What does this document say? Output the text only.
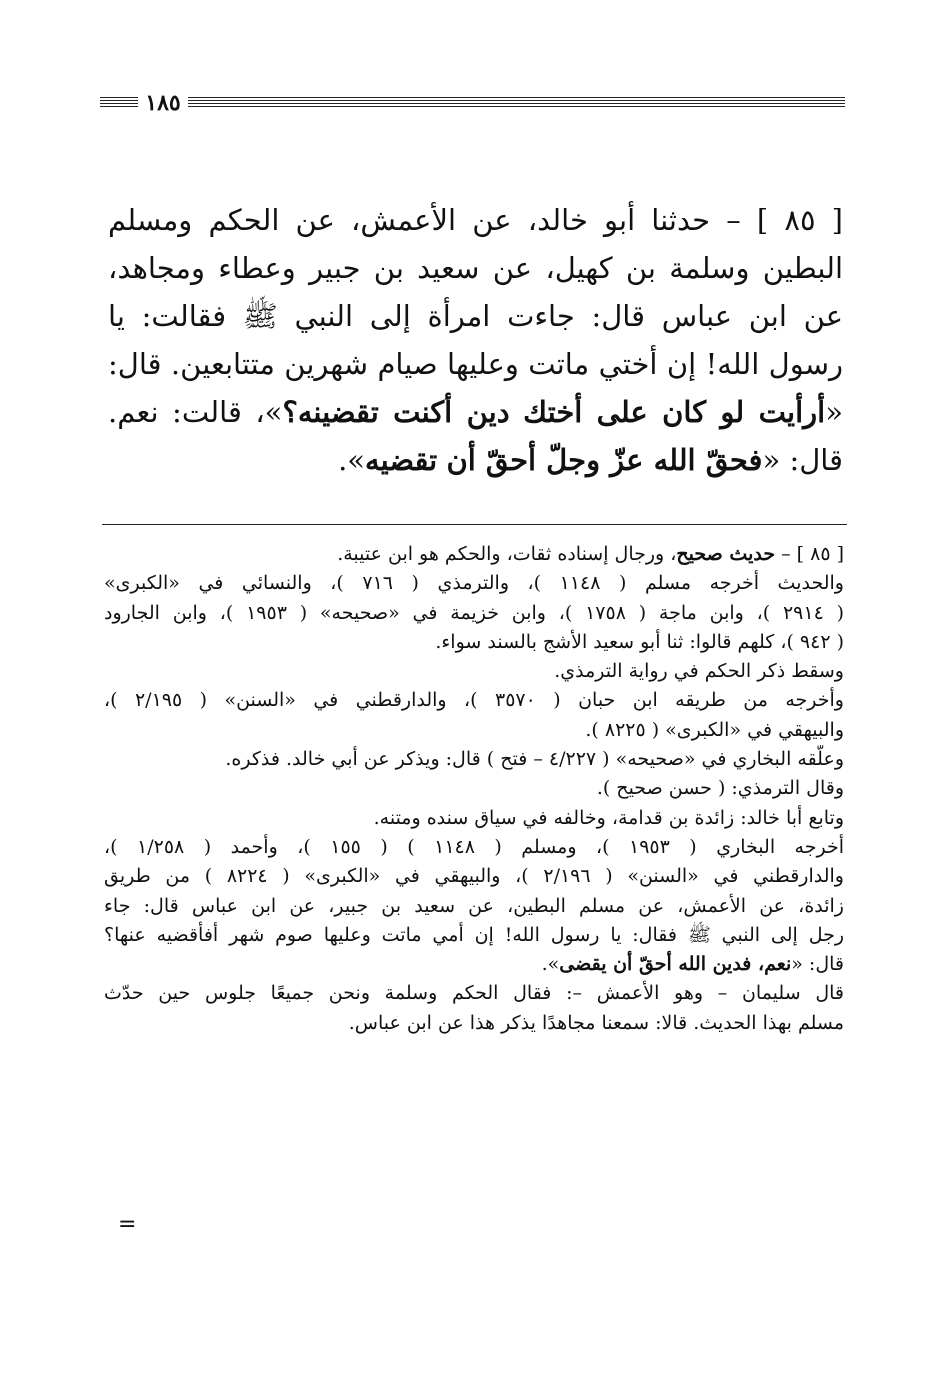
١٨٥

[ ٨٥ ] – حدثنا أبو خالد، عن الأعمش، عن الحكم ومسلم البطين وسلمة بن كهيل، عن سعيد بن جبير وعطاء ومجاهد، عن ابن عباس قال: جاءت امرأة إلى النبي ﷺ فقالت: يا رسول الله! إن أختي ماتت وعليها صيام شهرين متتابعين. قال: «أرأيت لو كان على أختك دين أكنت تقضينه؟»، قالت: نعم. قال: «فحقّ الله عزّ وجلّ أحقّ أن تقضيه».

[ ٨٥ ] – حديث صحيح، ورجال إسناده ثقات، والحكم هو ابن عتيبة.

والحديث أخرجه مسلم ( ١١٤٨ )، والترمذي ( ٧١٦ )، والنسائي في «الكبرى»

( ٢٩١٤ )، وابن ماجة ( ١٧٥٨ )، وابن خزيمة في «صحيحه» ( ١٩٥٣ )، وابن الجارود

( ٩٤٢ )، كلهم قالوا: ثنا أبو سعيد الأشج بالسند سواء.

وسقط ذكر الحكم في رواية الترمذي.

وأخرجه من طريقه ابن حبان ( ٣٥٧٠ )، والدارقطني في «السنن» ( ٢/١٩٥ )،

والبيهقي في «الكبرى» ( ٨٢٢٥ ).

وعلّقه البخاري في «صحيحه» ( ٤/٢٢٧ – فتح ) قال: ويذكر عن أبي خالد. فذكره.

وقال الترمذي: ( حسن صحيح ).

وتابع أبا خالد: زائدة بن قدامة، وخالفه في سياق سنده ومتنه.

أخرجه البخاري ( ١٩٥٣ )، ومسلم ( ١١٤٨ ) ( ١٥٥ )، وأحمد ( ١/٢٥٨ )،

والدارقطني في «السنن» ( ٢/١٩٦ )، والبيهقي في «الكبرى» ( ٨٢٢٤ ) من طريق

زائدة، عن الأعمش، عن مسلم البطين، عن سعيد بن جبير، عن ابن عباس قال: جاء

رجل إلى النبي ﷺ فقال: يا رسول الله! إن أمي ماتت وعليها صوم شهر أفأقضيه عنها؟

قال: «نعم، فدين الله أحقّ أن يقضى».

قال سليمان – وهو الأعمش –: فقال الحكم وسلمة ونحن جميعًا جلوس حين حدّث

مسلم بهذا الحديث. قالا: سمعنا مجاهدًا يذكر هذا عن ابن عباس.

=
